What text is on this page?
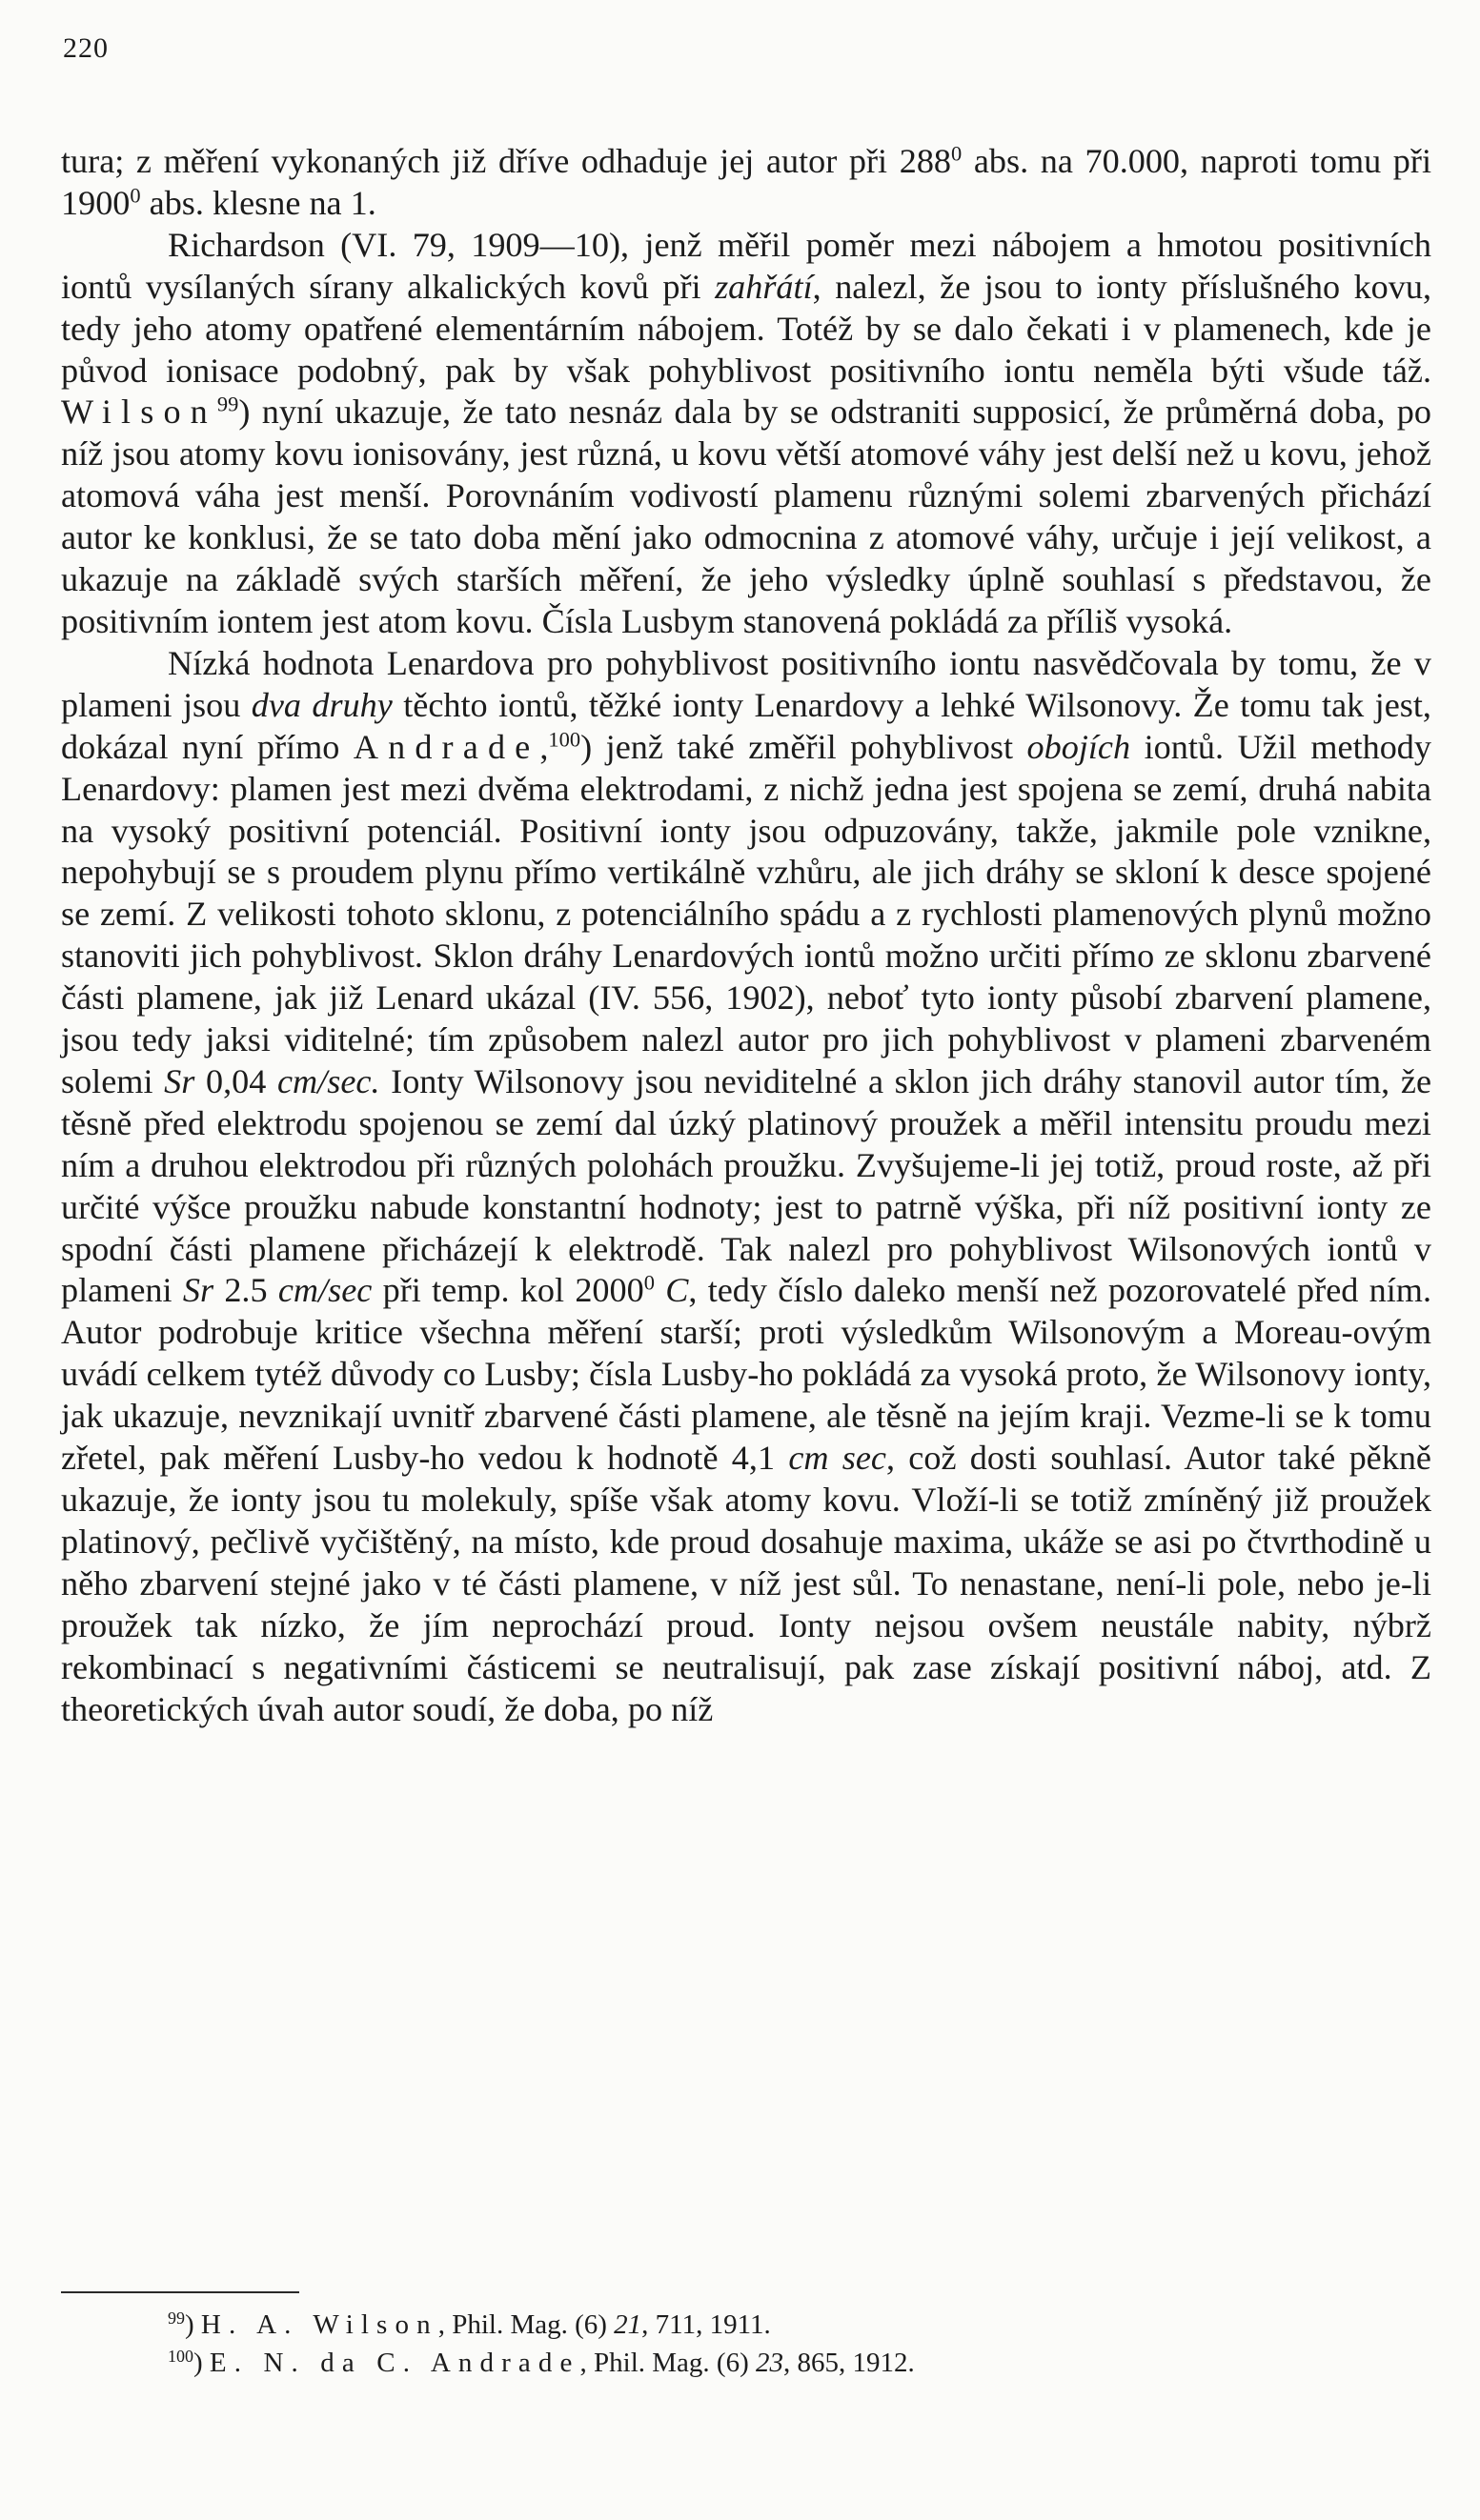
220

tura; z měření vykonaných již dříve odhaduje jej autor při $288^0$ abs. na 70.000, naproti tomu při 1900$^0$ abs. klesne na 1.

Richardson (VI. 79, 1909—10), jenž měřil poměr mezi nábojem a hmotou positivních iontů vysílaných sírany alkalických kovů při zahřátí, nalezl, že jsou to ionty příslušného kovu, tedy jeho atomy opatřené elementárním nábojem. Totéž by se dalo čekati i v plamenech, kde je původ ionisace podobný, pak by však pohyblivost positivního iontu neměla býti všude táž. Wilson$^{99}$) nyní ukazuje, že tato nesnáz dala by se odstraniti supposicí, že průměrná doba, po níž jsou atomy kovu ionisovány, jest různá, u kovu větší atomové váhy jest delší než u kovu, jehož atomová váha jest menší. Porovnáním vodivostí plamenu různými solemi zbarvených přichází autor ke konklusi, že se tato doba mění jako odmocnina z atomové váhy, určuje i její velikost, a ukazuje na základě svých starších měření, že jeho výsledky úplně souhlasí s představou, že positivním iontem jest atom kovu. Čísla Lusbym stanovená pokládá za příliš vysoká.

Nízká hodnota Lenardova pro pohyblivost positivního iontu nasvědčovala by tomu, že v plameni jsou dva druhy těchto iontů, těžké ionty Lenardovy a lehké Wilsonovy. Že tomu tak jest, dokázal nyní přímo Andrade,$^{100}$) jenž také změřil pohyblivost obojích iontů. Užil methody Lenardovy: plamen jest mezi dvěma elektrodami, z nichž jedna jest spojena se zemí, druhá nabita na vysoký positivní potenciál. Positivní ionty jsou odpuzovány, takže, jakmile pole vznikne, nepohybují se s proudem plynu přímo vertikálně vzhůru, ale jich dráhy se skloní k desce spojené se zemí. Z velikosti tohoto sklonu, z potenciálního spádu a z rychlosti plamenových plynů možno stanoviti jich pohyblivost. Sklon dráhy Lenardových iontů možno určiti přímo ze sklonu zbarvené části plamene, jak již Lenard ukázal (IV. 556, 1902), neboť tyto ionty působí zbarvení plamene, jsou tedy jaksi viditelné; tím způsobem nalezl autor pro jich pohyblivost v plameni zbarveném solemi Sr 0,04 cm/sec. Ionty Wilsonovy jsou neviditelné a sklon jich dráhy stanovil autor tím, že těsně před elektrodu spojenou se zemí dal úzký platinový proužek a měřil intensitu proudu mezi ním a druhou elektrodou při různých polohách proužku. Zvyšujeme-li jej totiž, proud roste, až při určité výšce proužku nabude konstantní hodnoty; jest to patrně výška, při níž positivní ionty ze spodní části plamene přicházejí k elektrodě. Tak nalezl pro pohyblivost Wilsonových iontů v plameni Sr 2.5 cm/sec při temp. kol 2000$^0$ C, tedy číslo daleko menší než pozorovatelé před ním. Autor podrobuje kritice všechna měření starší; proti výsledkům Wilsonovým a Moreau-ovým uvádí celkem tytéž důvody co Lusby; čísla Lusby-ho pokládá za vysoká proto, že Wilsonovy ionty, jak ukazuje, nevznikají uvnitř zbarvené části plamene, ale těsně na jejím kraji. Vezme-li se k tomu zřetel, pak měření Lusby-ho vedou k hodnotě 4,1 cm sec, což dosti souhlasí. Autor také pěkně ukazuje, že ionty jsou tu molekuly, spíše však atomy kovu. Vloží-li se totiž zmíněný již proužek platinový, pečlivě vyčištěný, na místo, kde proud dosahuje maxima, ukáže se asi po čtvrthodině u něho zbarvení stejné jako v té části plamene, v níž jest sůl. To nenastane, není-li pole, nebo je-li proužek tak nízko, že jím neprochází proud. Ionty nejsou ovšem neustále nabity, nýbrž rekombinací s negativními částicemi se neutralisují, pak zase získají positivní náboj, atd. Z theoretických úvah autor soudí, že doba, po níž

$^{99}$) H. A. Wilson, Phil. Mag. (6) 21, 711, 1911.
$^{100}$) E. N. da C. Andrade, Phil. Mag. (6) 23, 865, 1912.
